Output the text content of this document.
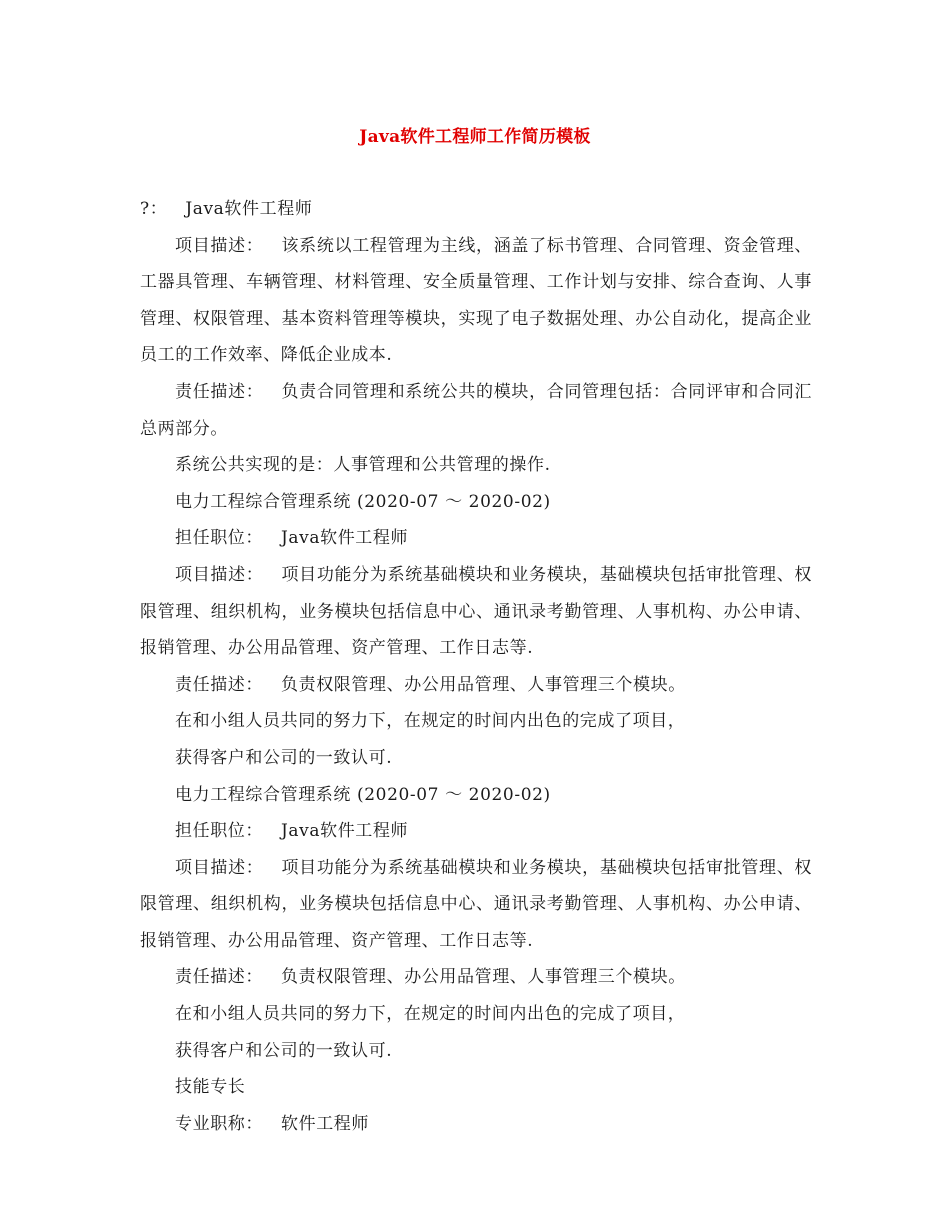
Java软件工程师工作简历模板

?： Java软件工程师

项目描述： 该系统以工程管理为主线，涵盖了标书管理、合同管理、资金管理、工器具管理、车辆管理、材料管理、安全质量管理、工作计划与安排、综合查询、人事管理、权限管理、基本资料管理等模块，实现了电子数据处理、办公自动化，提高企业员工的工作效率、降低企业成本.

责任描述： 负责合同管理和系统公共的模块，合同管理包括：合同评审和合同汇总两部分。

系统公共实现的是：人事管理和公共管理的操作.

电力工程综合管理系统 (2020-07 ～ 2020-02)

担任职位： Java软件工程师

项目描述： 项目功能分为系统基础模块和业务模块，基础模块包括审批管理、权限管理、组织机构，业务模块包括信息中心、通讯录考勤管理、人事机构、办公申请、报销管理、办公用品管理、资产管理、工作日志等.

责任描述： 负责权限管理、办公用品管理、人事管理三个模块。

在和小组人员共同的努力下，在规定的时间内出色的完成了项目，

获得客户和公司的一致认可.

电力工程综合管理系统 (2020-07 ～ 2020-02)

担任职位： Java软件工程师

项目描述： 项目功能分为系统基础模块和业务模块，基础模块包括审批管理、权限管理、组织机构，业务模块包括信息中心、通讯录考勤管理、人事机构、办公申请、报销管理、办公用品管理、资产管理、工作日志等.

责任描述： 负责权限管理、办公用品管理、人事管理三个模块。

在和小组人员共同的努力下，在规定的时间内出色的完成了项目，

获得客户和公司的一致认可.

技能专长

专业职称： 软件工程师
